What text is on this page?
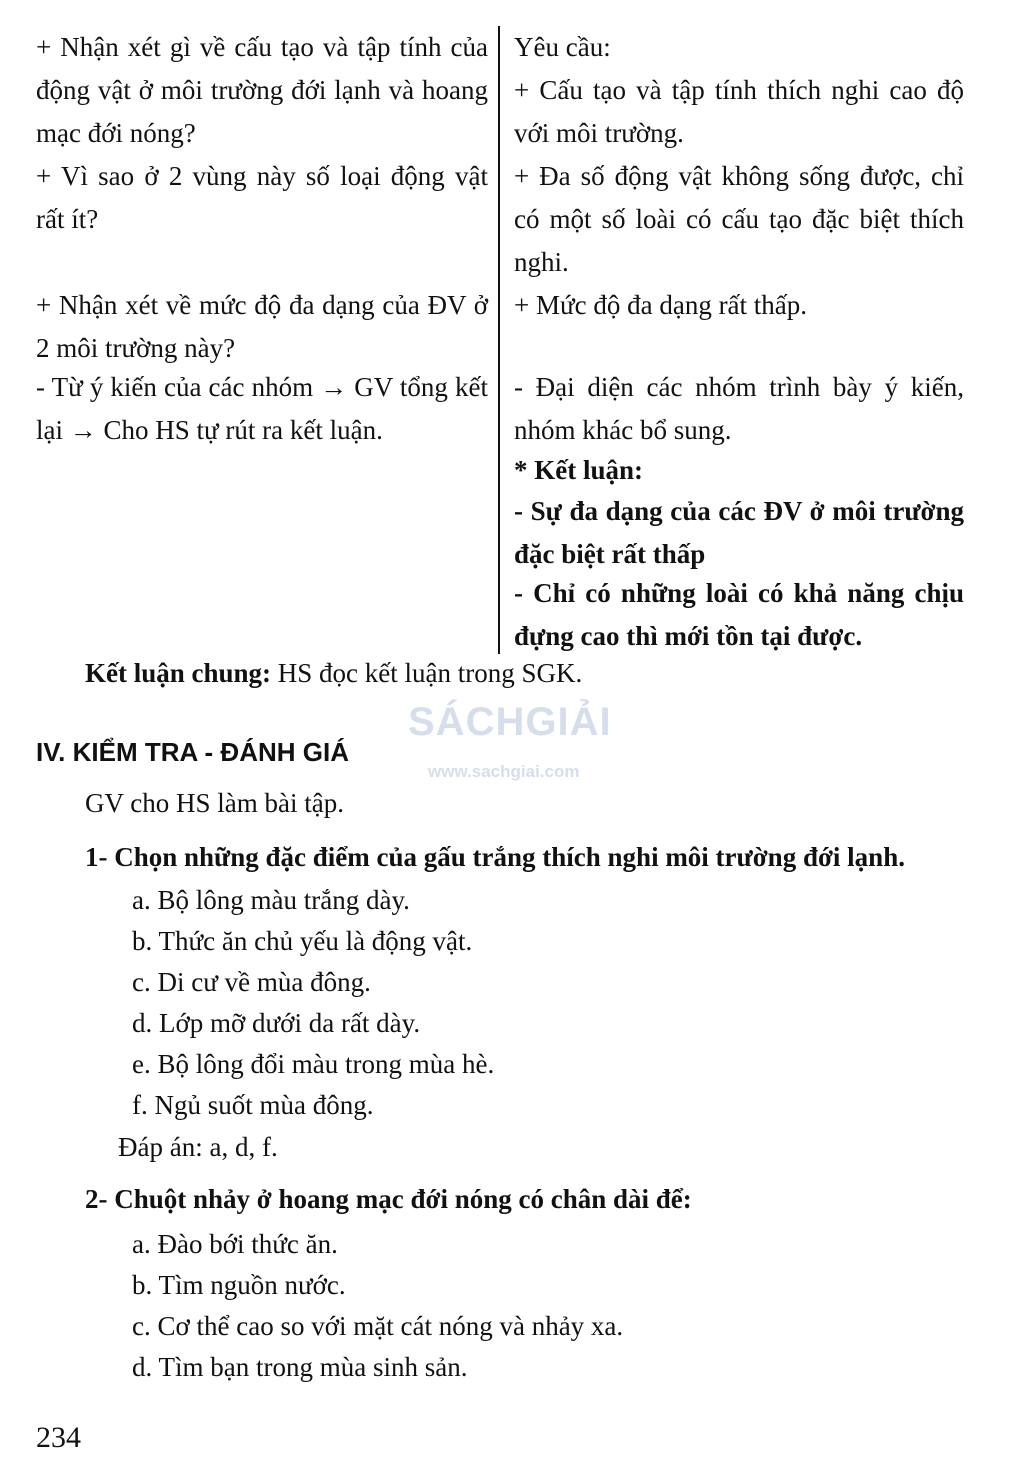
+ Nhận xét gì về cấu tạo và tập tính của động vật ở môi trường đới lạnh và hoang mạc đới nóng?

+ Vì sao ở 2 vùng này số loại động vật rất ít?

+ Nhận xét về mức độ đa dạng của ĐV ở 2 môi trường này?

- Từ ý kiến của các nhóm → GV tổng kết lại → Cho HS tự rút ra kết luận.

Yêu cầu:

+ Cấu tạo và tập tính thích nghi cao độ với môi trường.

+ Đa số động vật không sống được, chỉ có một số loài có cấu tạo đặc biệt thích nghi.

+ Mức độ đa dạng rất thấp.

- Đại diện các nhóm trình bày ý kiến, nhóm khác bổ sung.

* Kết luận:

- Sự đa dạng của các ĐV ở môi trường đặc biệt rất thấp

- Chỉ có những loài có khả năng chịu đựng cao thì mới tồn tại được.

Kết luận chung: HS đọc kết luận trong SGK.
SÁCHGIẢI
www.sachgiai.com
IV. KIỂM TRA - ĐÁNH GIÁ
GV cho HS làm bài tập.
1- Chọn những đặc điểm của gấu trắng thích nghi môi trường đới lạnh.

a. Bộ lông màu trắng dày.

b. Thức ăn chủ yếu là động vật.

c. Di cư về mùa đông.

d. Lớp mỡ dưới da rất dày.

e. Bộ lông đổi màu trong mùa hè.

f. Ngủ suốt mùa đông.

Đáp án: a, d, f.
2- Chuột nhảy ở hoang mạc đới nóng có chân dài để:

a. Đào bới thức ăn.

b. Tìm nguồn nước.

c. Cơ thể cao so với mặt cát nóng và nhảy xa.

d. Tìm bạn trong mùa sinh sản.

234
